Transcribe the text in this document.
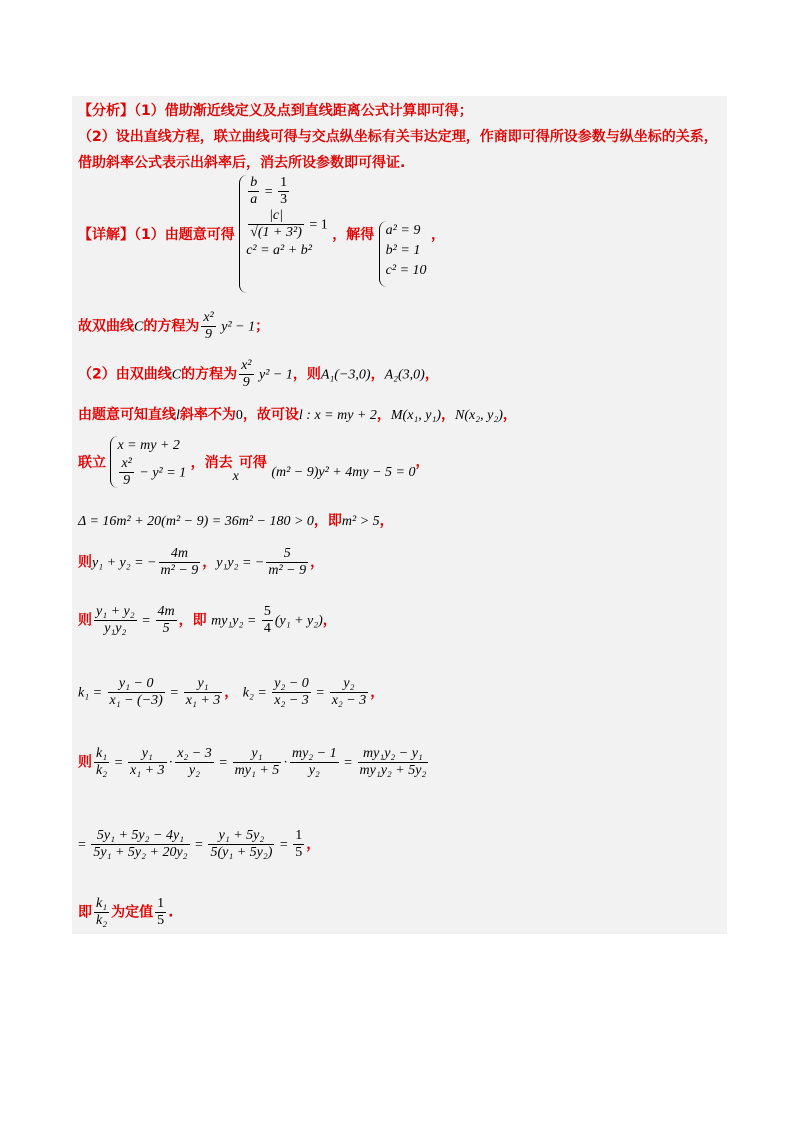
【分析】（1）借助渐近线定义及点到直线距离公式计算即可得；
（2）设出直线方程，联立曲线可得与交点纵坐标有关韦达定理，作商即可得所设参数与纵坐标的关系，
借助斜率公式表示出斜率后，消去所设参数即可得证.
【详解】（1）由题意可得
$\frac{b}{a} = \frac{1}{3}$
$\frac{|c|}{\text{√(1 + 3²)}} = 1$
c² = a² + b²
，解得 a² = 9
b² = 1
c² = 10
，
故双曲线C的方程为 $\frac{\text{x²}}{9} y^2 - 1$；
（2）由双曲线C的方程为 $\frac{\text{x²}}{9} y^2 - 1$，则A₁(−3,0)，A₂(3,0)，
由题意可知直线l斜率不为0，故可设l : x = my + 2，M(x₁, y₁)，N(x₂, y₂)，
联立
x = my + 2
$\frac{\text{x²}}{9} - y^2 = 1$
，消去x可得 (m² − 9)y² + 4my − 5 = 0，
Δ = 16m² + 20(m² − 9) = 36m² − 180 > 0，即m² > 5，
则y₁ + y₂ = − $\frac{4m}{\text{m² − 9}}$ ，y₁y₂ = − $\frac{5}{\text{m² − 9}}$ ，
则 $\frac{\text{y₁ + y₂}}{\text{y₁y₂}} = \frac{4m}{5}$ ，即 $my_1y_2 = \frac{5}{4} (y_1 + y_2)$，
$k_1 = \frac{\text{y₁ − 0}}{\text{x₁ − (−3)}} = \frac{\text{y₁}}{\text{x₁ + 3}}$ ， $k_2 = \frac{\text{y₂ − 0}}{\text{x₂ − 3}} = \frac{\text{y₂}}{\text{x₂ − 3}}$ ，
则 $\frac{\text{k₁}}{\text{k₂}} = \frac{\text{y₁}}{\text{x₁ + 3}} \cdot \frac{\text{x₂ − 3}}{\text{y₂}} = \frac{\text{y₁}}{\text{my₁ + 5}} \cdot \frac{\text{my₂ − 1}}{\text{y₂}} = \frac{\text{my₁y₂ − y₁}}{\text{my₁y₂ + 5y₂}}$
= $\frac{\text{5y₁ + 5y₂ − 4y₁}}{\text{5y₁ + 5y₂ + 20y₂}} = \frac{\text{y₁ + 5y₂}}{\text{5(y₁ + 5y₂)}} = \frac{1}{5}$ ，
即 $\frac{\text{k₁}}{\text{k₂}}$ 为定值 $\frac{1}{5}$ .
